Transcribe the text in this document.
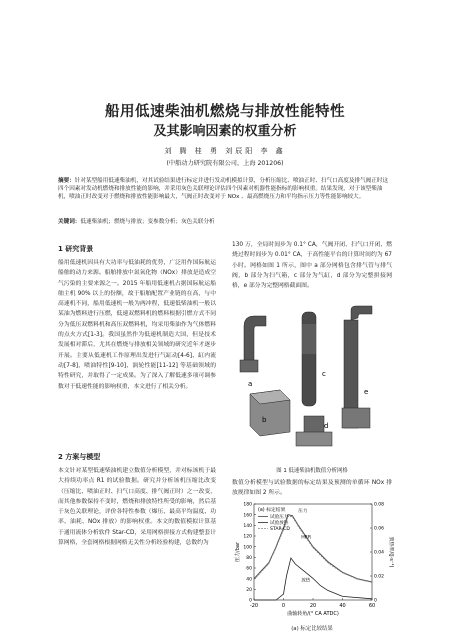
船用低速柴油机燃烧与排放性能特性
及其影响因素的权重分析
刘 腾 桂 勇 刘辰阳 李 鑫
(中船动力研究院有限公司，上海 201206)
摘要：针对某型船用低速柴油机，对其试验结果进行标定并进行发动机模拟计算，分析压缩比、喷油正时、扫气口高度及排气阀正时这四个因素对发动机燃烧和排放性能的影响，并采用灰色关联理论评估四个因素对机器性能指标的影响权重。结果发现，对于该型柴油机，喷油正时改变对于燃烧和排放性能影响最大，气阀正时改变对于 NOx 、最高燃烧压力和平均指示压力等性能影响较大。
关键词：低速柴油机；燃烧与排放；变参数分析；灰色关联分析
1 研究背景
船用低速机因具有大功率与低油耗的优势，广泛用作国际航运船舶的动力来源。船舶排放中氮氧化物（NOx）排放是造成空气污染的主要来源之一。2015 年船用低速机占据国际航运船舶主机 90% 以上的份额，故于船舶配置产业链的在高，与中高速机不同，船用低速机一般为两冲程，低速低柴油机一般以某油为燃料进行压燃，低速双燃料机的燃料根据引燃方式不同分为低压双燃料机和高压双燃料机，均采用柴油作为气体燃料的点火方式[1-3]。我国虽然作为低速机制造大国，但是技术发展相对滞后，尤其在燃烧与排放相关领域的研究近年才逐步开展。主要从低速机工作原理出发进行气缸动[4-6]、缸内流动[7-8]，喷油特性[9-10]、涡轮性能[11-12] 等基础领域的特性研究，并取得了一定成果。为了深入了解低速多项可调参数对于低速性能的影响权重，本文进行了相关分析。
2 方案与模型
本文针对某型低速柴油机建立数值分析模型，并对标该机于最大持续功率点 R1 的试验数据。研究并分析该机压缩比改变（压缩比、喷油正时、扫气口高度、排气阀正时）之一改变，而其他参数保持不变时，燃烧和排放特性所受的影响，然后基于灰色关联理论，评价各特性参数（爆压、最高平均温度、功率、油耗、NOx 排放）的影响权重。本文的数值模拟计算基于通用流体分析软件 Star-CD，采用网格拼接方式构建整套计算网格，全套网格根据网格无关性分析经验构建，总数约为
130 万，全局时间步为 0.1° CA，气阀开闭、扫气口开闭、燃烧过程时间步为 0.01° CA，于高性能平台的计算时间约为 67 小时。网格如图 1 所示，图中 a 部分网格包含排气管与排气阀，b 部分为扫气箱，c 部分为气缸，d 部分为完整拼接网格，e 部分为完整网格截面图。
a
b
c
d
e
图 1 低速柴油机数值分析网格
数值分析模型与试验数据的标定结果及预测的单循环 NOx 排放规律如图 2 所示。
-20	0	20	40	60
0
20
40
60
80
100
120
140
160
180
0
0.02
0.04
0.06
0.08
曲轴转角/(° CA ATDC)
压力/bar	放热率/(J·s⁻¹)
(a) 标定结果
试验压力
试验放热
STAR-CD
压力
HRR
放热
(a) 标定比较结果
